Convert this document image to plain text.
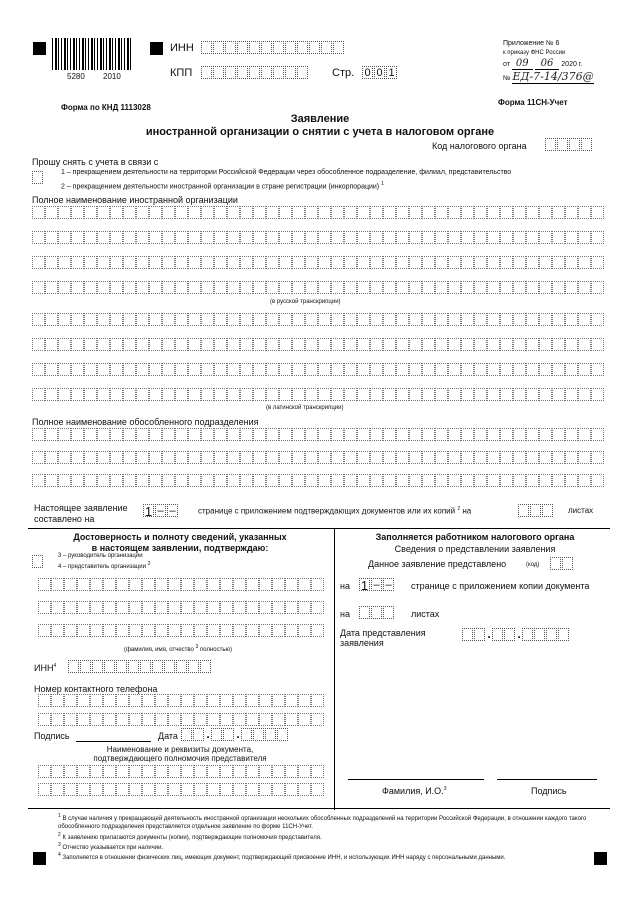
5280 2010
ИНН
КПП	Стр. 0 0 1
Приложение № 6
к приказу ФНС России
от 09 06 2020 г.
№ ЕД-7-14/376@
Форма по КНД 1113028
Форма 11СН-Учет
Заявление
иностранной организации о снятии с учета в налоговом органе
Код налогового органа
Прошу снять с учета в связи с
1 – прекращением деятельности на территории Российской Федерации через обособленное подразделение, филиал, представительство
2 – прекращением деятельности иностранной организации в стране регистрации (инкорпорации) $^1$
Полное наименование иностранной организации
(в русской транскрипции)
(в латинской транскрипции)
Полное наименование обособленного подразделения
Настоящее заявление
составлено на	1 – –	странице с приложением подтверждающих документов или их копий $^2$ на	листах
Достоверность и полноту сведений, указанных
в настоящем заявлении, подтверждаю:
3 – руководитель организации
4 – представитель организации $^2$
(фамилия, имя, отчество $^3$ полностью)
ИНН$^4$
Номер контактного телефона
Подпись	Дата . .
Наименование и реквизиты документа,
подтверждающего полномочия представителя
Заполняется работником налогового органа
Сведения о представлении заявления
Данное заявление представлено	(код)
на 1 – – странице с приложением копии документа
на	листах
Дата представления
заявления
. .
Фамилия, И.О.$^3$	Подпись
$^1$ В случае наличия у прекращающей деятельность иностранной организации нескольких обособленных подразделений на территории Российской Федерации, в отношении каждого такого обособленного подразделения представляется отдельное заявление по форме 11СН-Учет.
$^2$ К заявлению прилагаются документы (копии), подтверждающие полномочия представителя.
$^3$ Отчество указывается при наличии.
$^4$ Заполняется в отношении физических лиц, имеющих документ, подтверждающий присвоение ИНН, и использующих ИНН наряду с персональными данными.
